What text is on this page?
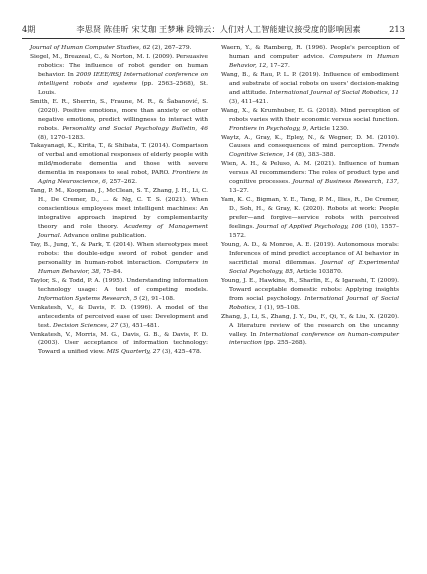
4期	李思贤 陈佳昕 宋艾珈 王梦琳 段锦云：人们对人工智能建议接受度的影响因素	213

Journal of Human Computer Studies, 62 (2), 267–279.

Siegel, M., Breazeal, C., & Norton, M. I. (2009). Persuasive robotics: The influence of robot gender on human behavior. In 2009 IEEE/RSJ International conference on intelligent robots and systems (pp. 2563–2568), St. Louis.

Smith, E. R., Sherrin, S., Fraune, M. R., & Šabanović, S. (2020). Positive emotions, more than anxiety or other negative emotions, predict willingness to interact with robots. Personality and Social Psychology Bulletin, 46 (8), 1270–1283.

Takayanagi, K., Kirita, T., & Shibata, T. (2014). Comparison of verbal and emotional responses of elderly people with mild/moderate dementia and those with severe dementia in responses to seal robot, PARO. Frontiers in Aging Neuroscience, 6, 257–262.

Tang, P. M., Koopman, J., McClean, S. T., Zhang, J. H., Li, C. H., De Cremer, D., ... & Ng, C. T. S. (2021). When conscientious employees meet intelligent machines: An integrative approach inspired by complementarity theory and role theory. Academy of Management Journal. Advance online publication.

Tay, B., Jung, Y., & Park, T. (2014). When stereotypes meet robots: the double-edge sword of robot gender and personality in human-robot interaction. Computers in Human Behavior, 38, 75–84.

Taylor, S., & Todd, P. A. (1995). Understanding information technology usage: A test of competing models. Information Systems Research, 5 (2), 91–108.

Venkatesh, V., & Davis, F. D. (1996). A model of the antecedents of perceived ease of use: Development and test. Decision Sciences, 27 (3), 451–481.

Venkatesh, V., Morris, M. G., Davis, G. B., & Davis, F. D. (2003). User acceptance of information technology: Toward a unified view. MIS Quarterly, 27 (3), 425–478.

Waern, Y., & Ramberg, R. (1996). People's perception of human and computer advice. Computers in Human Behavior, 12, 17–27.

Wang, B., & Rau, P. L. P. (2019). Influence of embodiment and substrate of social robots on users' decision-making and attitude. International Journal of Social Robotics, 11 (3), 411–421.

Wang, X., & Krumhuber, E. G. (2018). Mind perception of robots varies with their economic versus social function. Frontiers in Psychology, 9, Article 1230.

Waytz, A., Gray, K., Epley, N., & Wegner, D. M. (2010). Causes and consequences of mind perception. Trends Cognitive Science, 14 (8), 383–388.

Wien, A. H., & Peluso, A. M. (2021). Influence of human versus AI recommenders: The roles of product type and cognitive processes. Journal of Business Research, 137, 13–27.

Yam, K. C., Bigman, Y. E., Tang, P. M., Ilies, R., De Cremer, D., Soh, H., & Gray, K. (2020). Robots at work: People prefer—and forgive—service robots with perceived feelings. Journal of Applied Psychology, 106 (10), 1557–1572.

Young, A. D., & Monroe, A. E. (2019). Autonomous morals: Inferences of mind predict acceptance of AI behavior in sacrificial moral dilemmas. Journal of Experimental Social Psychology, 85, Article 103870.

Young, J. E., Hawkins, R., Sharlin, E., & Igarashi, T. (2009). Toward acceptable domestic robots: Applying insights from social psychology. International Journal of Social Robotics, 1 (1), 95–108.

Zhang, J., Li, S., Zhang, J. Y., Du, F., Qi, Y., & Liu, X. (2020). A literature review of the research on the uncanny valley. In International conference on human-computer interaction (pp. 255–268).
